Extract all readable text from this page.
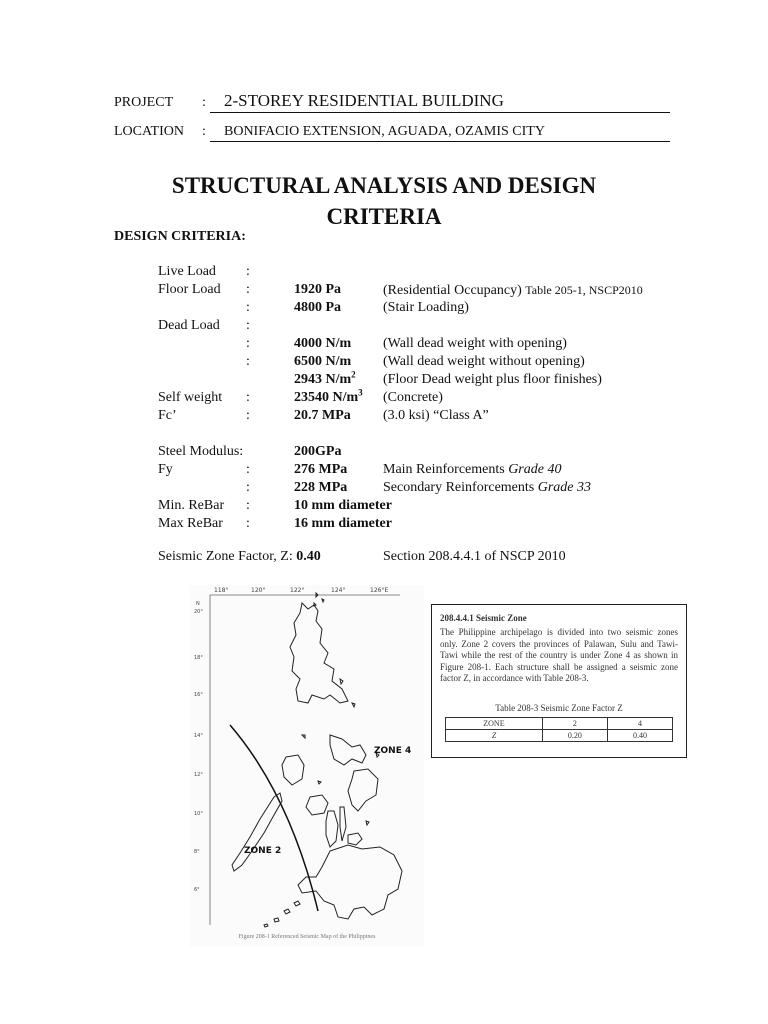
PROJECT :	2-STOREY RESIDENTIAL BUILDING
LOCATION :	BONIFACIO EXTENSION, AGUADA, OZAMIS CITY
STRUCTURAL ANALYSIS AND DESIGN
CRITERIA
DESIGN CRITERIA:
Live Load :
Floor Load :	1920 Pa	(Residential Occupancy) Table 205-1, NSCP2010
:	4800 Pa	(Stair Loading)
Dead Load :
:	4000 N/m (Wall dead weight with opening)
:	6500 N/m (Wall dead weight without opening)
2943 $N/m^2$ (Floor Dead weight plus floor finishes)
Self weight :	23540 $N/m^3$ (Concrete)
Fc’	:	20.7 MPa (3.0 ksi) “Class A”
Steel Modulus:	200GPa
Fy	:	276 MPa	Main Reinforcements Grade 40
:	228 MPa	Secondary Reinforcements Grade 33
Min. ReBar :	10 mm diameter
Max ReBar :	16 mm diameter
Seismic Zone Factor, Z: 0.40	Section 208.4.4.1 of NSCP 2010
118°	120°	122°	124°	126°E
N
20°
18°
16°
14°
12°
10°
8°
6°
ZONE 4
ZONE 2
Figure 208-1 Referenced Seismic Map of the Philippines
208.4.4.1 Seismic Zone
The Philippine archipelago is divided into two seismic zones only. Zone 2 covers the provinces of Palawan, Sulu and Tawi-Tawi while the rest of the country is under Zone 4 as shown in Figure 208-1. Each structure shall be assigned a seismic zone factor Z, in accordance with Table 208-3.
Table 208-3 Seismic Zone Factor Z
ZONE	2	4
Z	0.20	0.40
